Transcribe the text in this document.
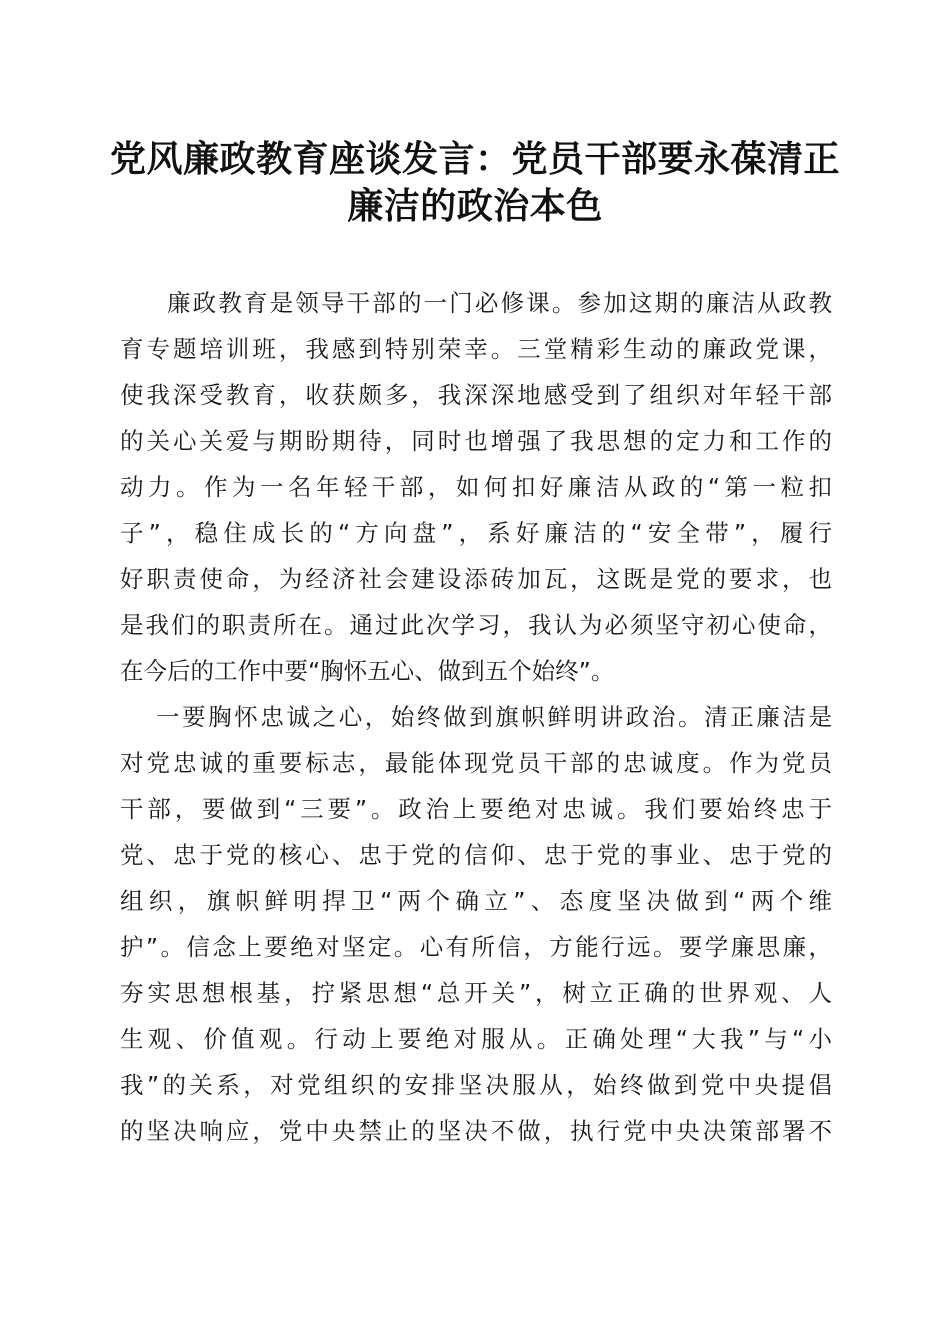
党风廉政教育座谈发言：党员干部要永葆清正
廉洁的政治本色
廉政教育是领导干部的一门必修课。参加这期的廉洁从政教
育专题培训班，我感到特别荣幸。三堂精彩生动的廉政党课，
使我深受教育，收获颇多，我深深地感受到了组织对年轻干部
的关心关爱与期盼期待，同时也增强了我思想的定力和工作的
动力。作为一名年轻干部，如何扣好廉洁从政的“第一粒扣
子”，稳住成长的“方向盘”，系好廉洁的“安全带”，履行
好职责使命，为经济社会建设添砖加瓦，这既是党的要求，也
是我们的职责所在。通过此次学习，我认为必须坚守初心使命，
在今后的工作中要“胸怀五心、做到五个始终”。
一要胸怀忠诚之心，始终做到旗帜鲜明讲政治。清正廉洁是
对党忠诚的重要标志，最能体现党员干部的忠诚度。作为党员
干部，要做到“三要”。政治上要绝对忠诚。我们要始终忠于
党、忠于党的核心、忠于党的信仰、忠于党的事业、忠于党的
组织，旗帜鲜明捍卫“两个确立”、态度坚决做到“两个维
护”。信念上要绝对坚定。心有所信，方能行远。要学廉思廉，
夯实思想根基，拧紧思想“总开关”，树立正确的世界观、人
生观、价值观。行动上要绝对服从。正确处理“大我”与“小
我”的关系，对党组织的安排坚决服从，始终做到党中央提倡
的坚决响应，党中央禁止的坚决不做，执行党中央决策部署不
